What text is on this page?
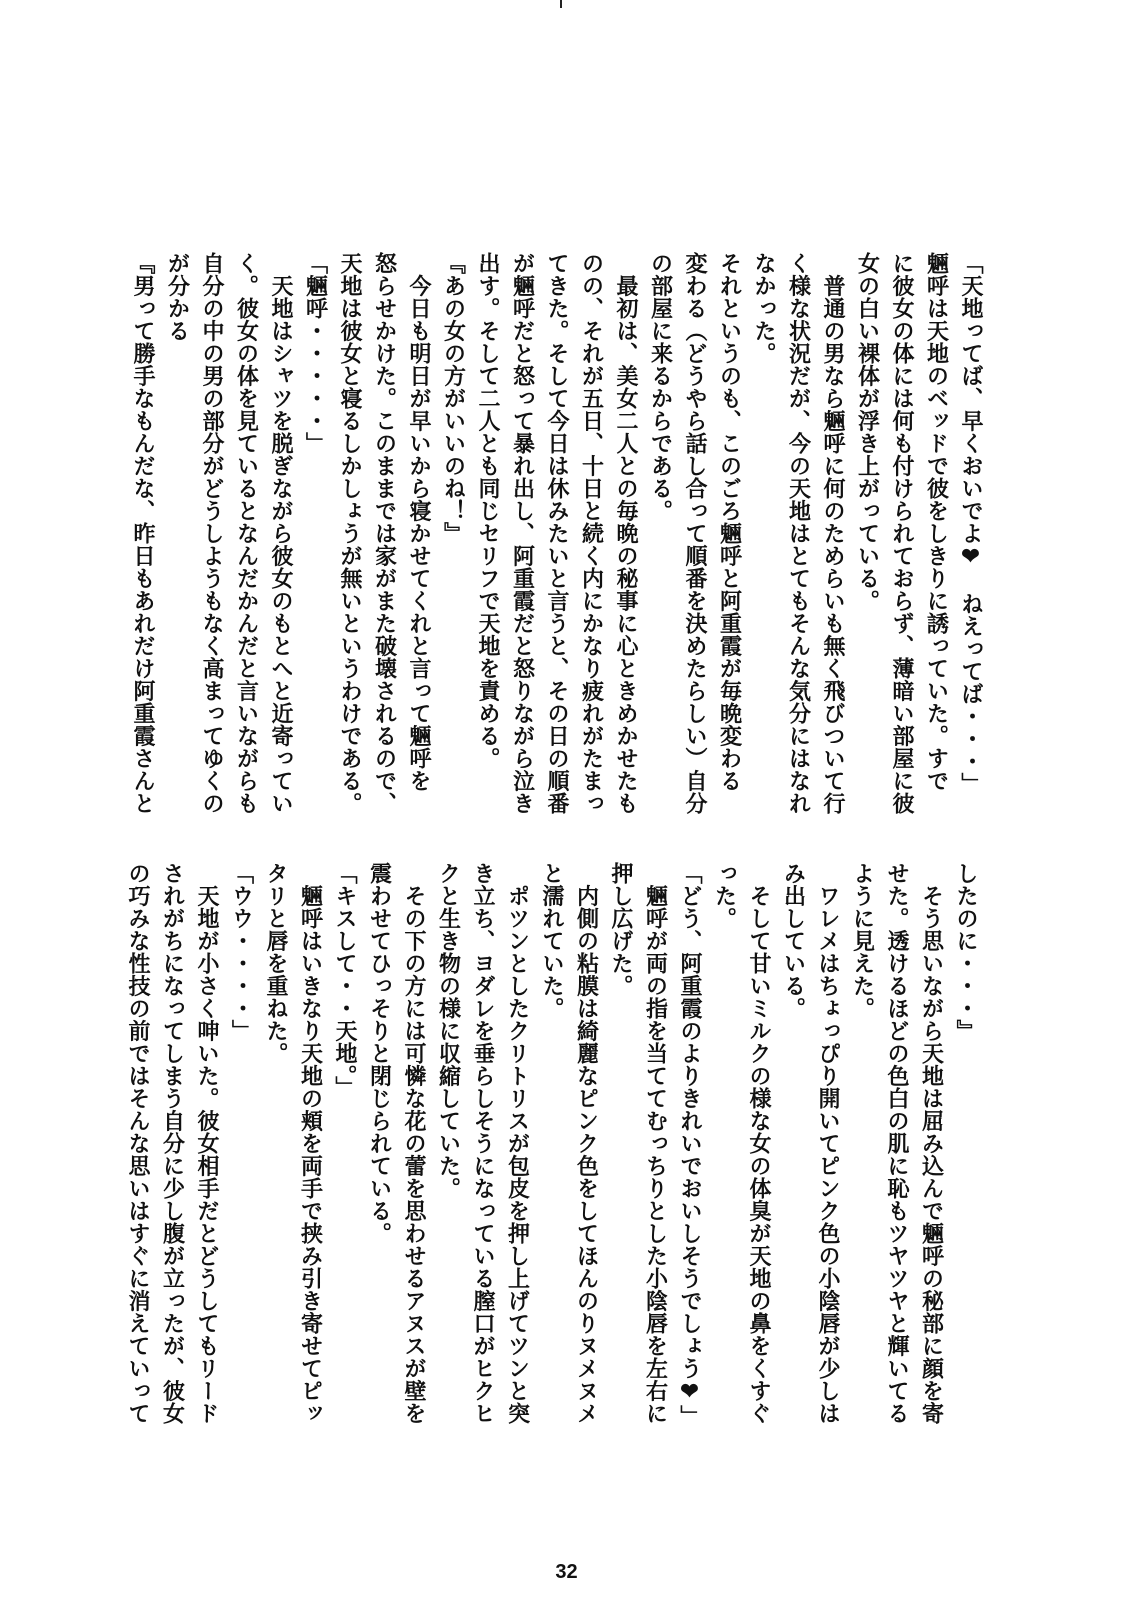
「天地ってば、早くおいでよ❤　ねえってば・・・」
魎呼は天地のベッドで彼をしきりに誘っていた。すで
に彼女の体には何も付けられておらず、薄暗い部屋に彼
女の白い裸体が浮き上がっている。
　普通の男なら魎呼に何のためらいも無く飛びついて行
く様な状況だが、今の天地はとてもそんな気分にはなれ
なかった。
それというのも、このごろ魎呼と阿重霞が毎晩変わる
変わる（どうやら話し合って順番を決めたらしい）自分
の部屋に来るからである。
　最初は、美女二人との毎晩の秘事に心ときめかせたも
のの、それが五日、十日と続く内にかなり疲れがたまっ
てきた。そして今日は休みたいと言うと、その日の順番
が魎呼だと怒って暴れ出し、阿重霞だと怒りながら泣き
出す。そして二人とも同じセリフで天地を責める。
『あの女の方がいいのね！』
　今日も明日が早いから寝かせてくれと言って魎呼を
怒らせかけた。このままでは家がまた破壊されるので、
天地は彼女と寝るしかしょうが無いというわけである。
「魎呼・・・・・」
　天地はシャツを脱ぎながら彼女のもとへと近寄ってい
く。彼女の体を見ているとなんだかんだと言いながらも
自分の中の男の部分がどうしようもなく高まってゆくの
が分かる
『男って勝手なもんだな、昨日もあれだけ阿重霞さんと
したのに・・・』
　そう思いながら天地は屈み込んで魎呼の秘部に顔を寄
せた。透けるほどの色白の肌に恥もツヤツヤと輝いてる
ように見えた。
　ワレメはちょっぴり開いてピンク色の小陰唇が少しは
み出している。
　そして甘いミルクの様な女の体臭が天地の鼻をくすぐ
った。
「どう、阿重霞のよりきれいでおいしそうでしょう❤」
　魎呼が両の指を当ててむっちりとした小陰唇を左右に
押し広げた。
　内側の粘膜は綺麗なピンク色をしてほんのりヌメヌメ
と濡れていた。
　ポツンとしたクリトリスが包皮を押し上げてツンと突
き立ち、ヨダレを垂らしそうになっている膣口がヒクヒ
クと生き物の様に収縮していた。
　その下の方には可憐な花の蕾を思わせるアヌスが壁を
震わせてひっそりと閉じられている。
「キスして・・天地。」
　魎呼はいきなり天地の頬を両手で挟み引き寄せてピッ
タリと唇を重ねた。
「ウウ・・・・」
　天地が小さく呻いた。彼女相手だとどうしてもリード
されがちになってしまう自分に少し腹が立ったが、彼女
の巧みな性技の前ではそんな思いはすぐに消えていって
32
